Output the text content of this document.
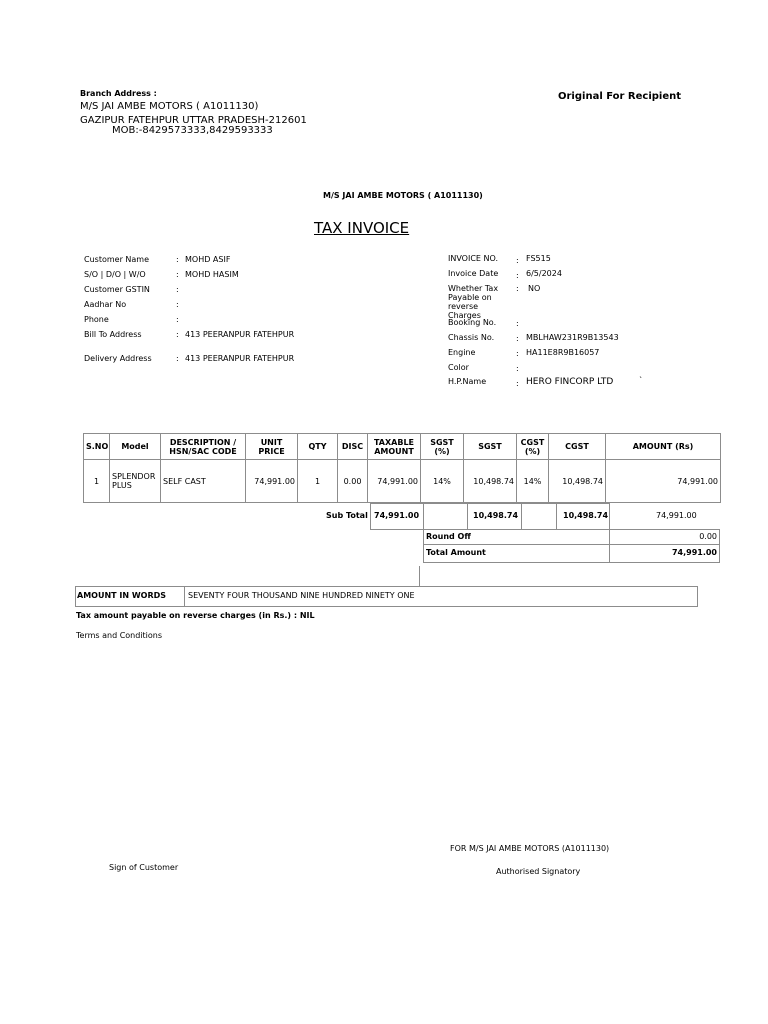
Branch Address :
M/S JAI AMBE MOTORS ( A1011130)
GAZIPUR FATEHPUR UTTAR PRADESH-212601
MOB:-8429573333,8429593333
Original For Recipient
M/S JAI AMBE MOTORS ( A1011130)
TAX INVOICE
Customer Name	: MOHD ASIF
S/O | D/O | W/O	: MOHD HASIM
Customer GSTIN	:
Aadhar No	:
Phone	:
Bill To Address	: 413 PEERANPUR FATEHPUR
Delivery Address	: 413 PEERANPUR FATEHPUR
INVOICE NO. : FS515
Invoice Date : 6/5/2024
Whether Tax Payable on reverse Charges
: NO
Booking No. :
Chassis No.	: MBLHAW231R9B13543
Engine	: HA11E8R9B16057
Color	:
H.P.Name	: HERO FINCORP LTD	`
S.NO	Model	DESCRIPTION / HSN/SAC CODE	UNIT PRICE	QTY	DISC	TAXABLE AMOUNT	SGST (%)	SGST	CGST (%)	CGST	AMOUNT (Rs)
1	SPLENDOR PLUS	SELF CAST	74,991.00	1	0.00	74,991.00	14%	10,498.74	14%	10,498.74	74,991.00
Sub Total 74,991.00	10,498.74	10,498.74	74,991.00
Round Off	0.00
Total Amount	74,991.00
AMOUNT IN WORDS	SEVENTY FOUR THOUSAND NINE HUNDRED NINETY ONE
Tax amount payable on reverse charges (in Rs.) : NIL
Terms and Conditions
FOR M/S JAI AMBE MOTORS (A1011130)
Sign of Customer	Authorised Signatory
